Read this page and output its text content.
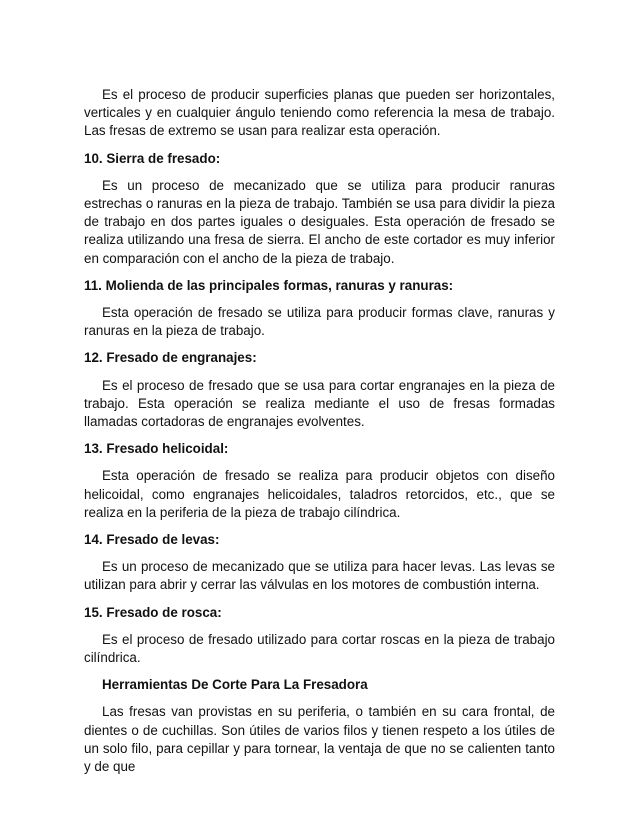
Es el proceso de producir superficies planas que pueden ser horizontales, verticales y en cualquier ángulo teniendo como referencia la mesa de trabajo. Las fresas de extremo se usan para realizar esta operación.

10. Sierra de fresado:

Es un proceso de mecanizado que se utiliza para producir ranuras estrechas o ranuras en la pieza de trabajo. También se usa para dividir la pieza de trabajo en dos partes iguales o desiguales. Esta operación de fresado se realiza utilizando una fresa de sierra. El ancho de este cortador es muy inferior en comparación con el ancho de la pieza de trabajo.

11. Molienda de las principales formas, ranuras y ranuras:

Esta operación de fresado se utiliza para producir formas clave, ranuras y ranuras en la pieza de trabajo.

12. Fresado de engranajes:

Es el proceso de fresado que se usa para cortar engranajes en la pieza de trabajo. Esta operación se realiza mediante el uso de fresas formadas llamadas cortadoras de engranajes evolventes.

13. Fresado helicoidal:

Esta operación de fresado se realiza para producir objetos con diseño helicoidal, como engranajes helicoidales, taladros retorcidos, etc., que se realiza en la periferia de la pieza de trabajo cilíndrica.

14. Fresado de levas:

Es un proceso de mecanizado que se utiliza para hacer levas. Las levas se utilizan para abrir y cerrar las válvulas en los motores de combustión interna.

15. Fresado de rosca:

Es el proceso de fresado utilizado para cortar roscas en la pieza de trabajo cilíndrica.

Herramientas De Corte Para La Fresadora

Las fresas van provistas en su periferia, o también en su cara frontal, de dientes o de cuchillas. Son útiles de varios filos y tienen respeto a los útiles de un solo filo, para cepillar y para tornear, la ventaja de que no se calienten tanto y de que
